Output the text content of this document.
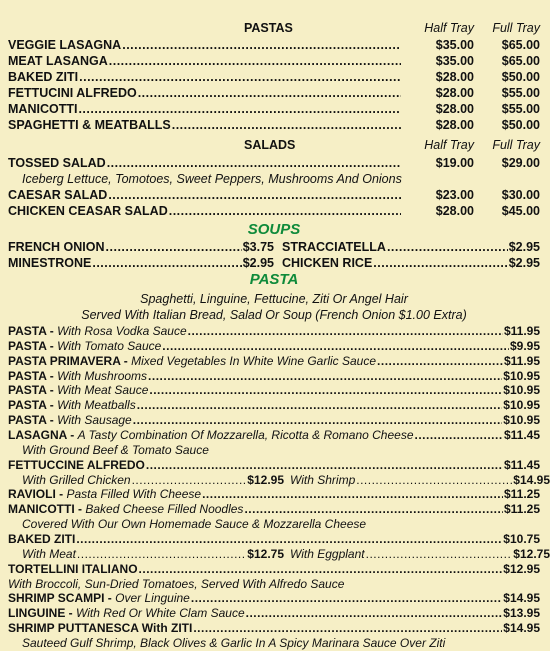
PASTAS	Half Tray Full Tray
VEGGIE LASAGNA .....	$35.00	$65.00
MEAT LASANGA .....	$35.00	$65.00
BAKED ZITI .....	$28.00	$50.00
FETTUCINI ALFREDO .....	$28.00	$55.00
MANICOTTI .....	$28.00	$55.00
SPAGHETTI & MEATBALLS .....	$28.00	$50.00
SALADS	Half Tray Full Tray
TOSSED SALAD .....	$19.00	$29.00
Iceberg Lettuce, Tomotoes, Sweet Peppers, Mushrooms And Onions
CAESAR SALAD .....	$23.00	$30.00
CHICKEN CEASAR SALAD .....	$28.00	$45.00
SOUPS
FRENCH ONION .....	$3.75 STRACCIATELLA .....	$2.95
MINESTRONE .....	$2.95 CHICKEN RICE .....	$2.95
PASTA
Spaghetti, Linguine, Fettucine, Ziti Or Angel Hair
Served With Italian Bread, Salad Or Soup (French Onion $1.00 Extra)
PASTA -
With Rosa Vodka Sauce .....	$11.95
PASTA -
With Tomato Sauce .....	$9.95
PASTA PRIMAVERA -
Mixed Vegetables In White Wine Garlic Sauce .....	$11.95
PASTA -
With Mushrooms .....	$10.95
PASTA -
With Meat Sauce .....	$10.95
PASTA -
With Meatballs .....	$10.95
PASTA -
With Sausage .....	$10.95
LASAGNA -
A Tasty Combination Of Mozzarella, Ricotta & Romano Cheese .....	$11.45
With Ground Beef & Tomato Sauce
FETTUCCINE ALFREDO .....	$11.45
With Grilled Chicken .....	$12.95 With Shrimp .....	$14.95
RAVIOLI -
Pasta Filled With Cheese .....	$11.25
MANICOTTI -
Baked Cheese Filled Noodles .....	$11.25
Covered With Our Own Homemade Sauce & Mozzarella Cheese
BAKED ZITI .....	$10.75
With Meat .....	$12.75 With Eggplant .....	$12.75
TORTELLINI ITALIANO .....	$12.95
With Broccoli, Sun-Dried Tomatoes, Served With Alfredo Sauce
SHRIMP SCAMPI -
Over Linguine .....	$14.95
LINGUINE -
With Red Or White Clam Sauce .....	$13.95
SHRIMP PUTTANESCA With ZITI .....	$14.95
Sauteed Gulf Shrimp, Black Olives & Garlic In A Spicy Marinara Sauce Over Ziti
